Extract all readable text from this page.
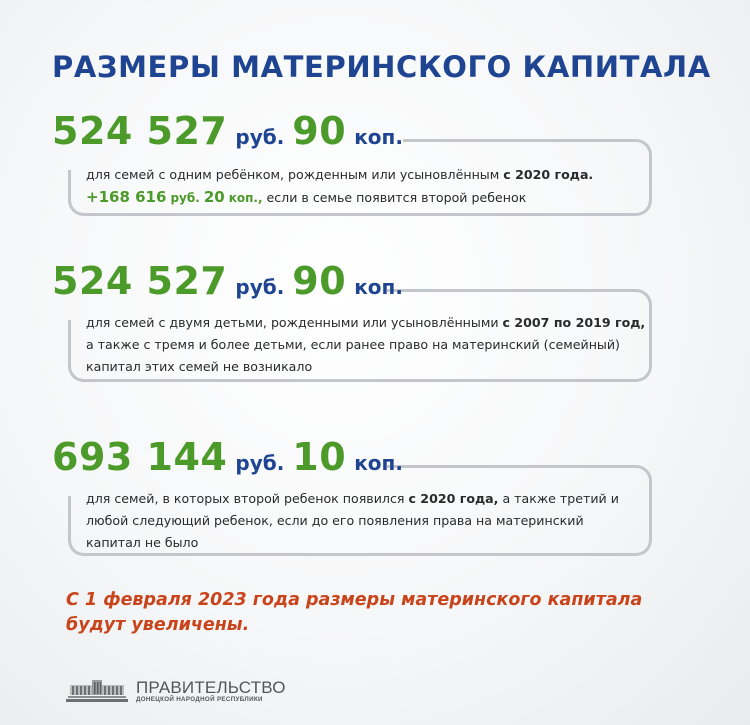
РАЗМЕРЫ МАТЕРИНСКОГО КАПИТАЛА
524 527 руб. 90 коп.
для семей с одним ребёнком, рожденным или усыновлённым с 2020 года.
+168 616 руб. 20 коп., если в семье появится второй ребенок
524 527 руб. 90 коп.
для семей с двумя детьми, рожденными или усыновлёнными с 2007 по 2019 год, а также с тремя и более детьми, если ранее право на материнский (семейный) капитал этих семей не возникало
693 144 руб. 10 коп.
для семей, в которых второй ребенок появился с 2020 года, а также третий и любой следующий ребенок, если до его появления права на материнский капитал не было
С 1 февраля 2023 года размеры материнского капитала будут увеличены.
ПРАВИТЕЛЬСТВО
ДОНЕЦКОЙ НАРОДНОЙ РЕСПУБЛИКИ
